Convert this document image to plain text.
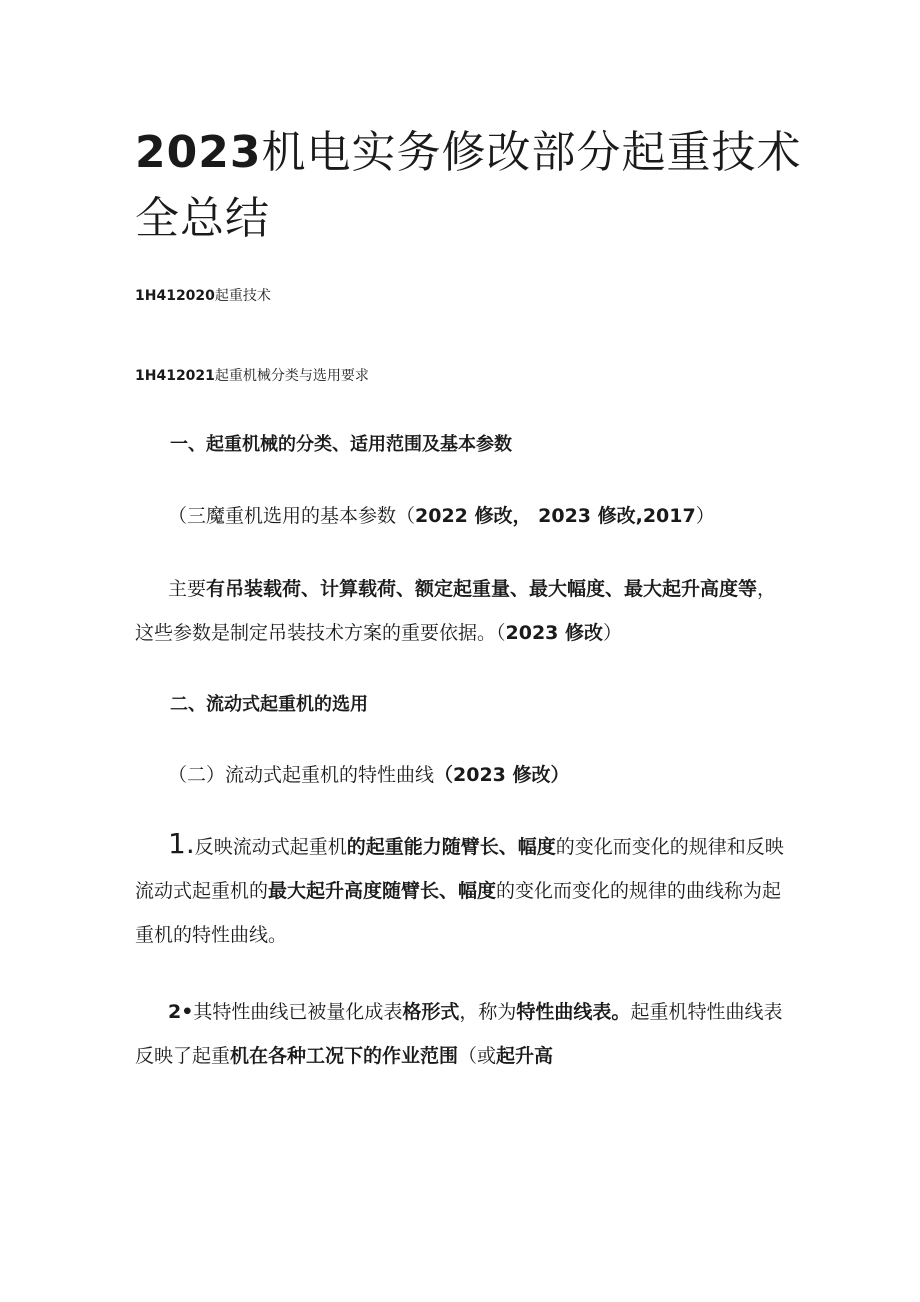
2023机电实务修改部分起重技术全总结

1H412020起重技术

1H412021起重机械分类与选用要求

一、起重机械的分类、适用范围及基本参数

（三魔重机选用的基本参数（2022 修改， 2023 修改,2017）

主要有吊装载荷、计算载荷、额定起重量、最大幅度、最大起升高度等，这些参数是制定吊装技术方案的重要依据。（2023 修改）

二、流动式起重机的选用

（二）流动式起重机的特性曲线（2023 修改）

1.反映流动式起重机的起重能力随臂长、幅度的变化而变化的规律和反映流动式起重机的最大起升高度随臂长、幅度的变化而变化的规律的曲线称为起重机的特性曲线。

2•其特性曲线已被量化成表格形式，称为特性曲线表。起重机特性曲线表反映了起重机在各种工况下的作业范围（或起升高
